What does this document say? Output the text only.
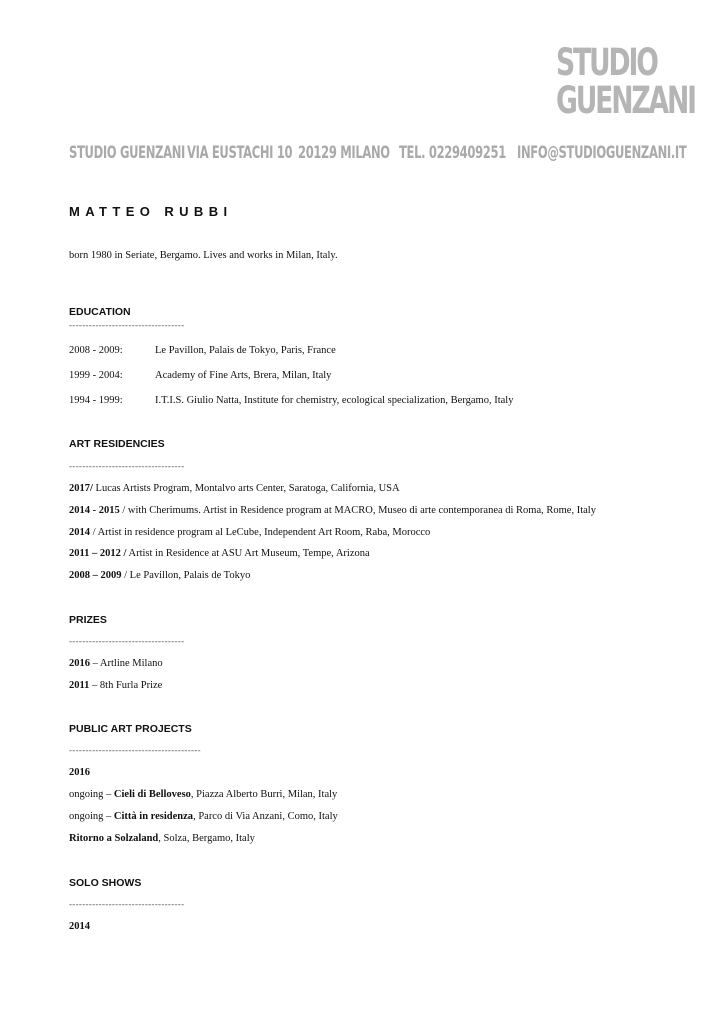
STUDIO
GUENZANI
STUDIO GUENZANI VIA EUSTACHI 10 20129 MILANO TEL. 0229409251 INFO@STUDIOGUENZANI.IT
MATTEO RUBBI
born 1980 in Seriate, Bergamo. Lives and works in Milan, Italy.
EDUCATION
-----------------------------------
2008 - 2009:	Le Pavillon, Palais de Tokyo, Paris, France
1999 - 2004:	Academy of Fine Arts, Brera, Milan, Italy
1994 - 1999:	I.T.I.S. Giulio Natta, Institute for chemistry, ecological specialization, Bergamo, Italy
ART RESIDENCIES
-----------------------------------
2017/ Lucas Artists Program, Montalvo arts Center, Saratoga, California, USA
2014 - 2015 / with Cherimums. Artist in Residence program at MACRO, Museo di arte contemporanea di Roma, Rome, Italy
2014 / Artist in residence program al LeCube, Independent Art Room, Raba, Morocco
2011 – 2012 / Artist in Residence at ASU Art Museum, Tempe, Arizona
2008 – 2009 / Le Pavillon, Palais de Tokyo
PRIZES
-----------------------------------
2016 – Artline Milano
2011 – 8th Furla Prize
PUBLIC ART PROJECTS
----------------------------------------
2016
ongoing – Cieli di Belloveso, Piazza Alberto Burri, Milan, Italy
ongoing – Città in residenza, Parco di Via Anzani, Como, Italy
Ritorno a Solzaland, Solza, Bergamo, Italy
SOLO SHOWS
-----------------------------------
2014
